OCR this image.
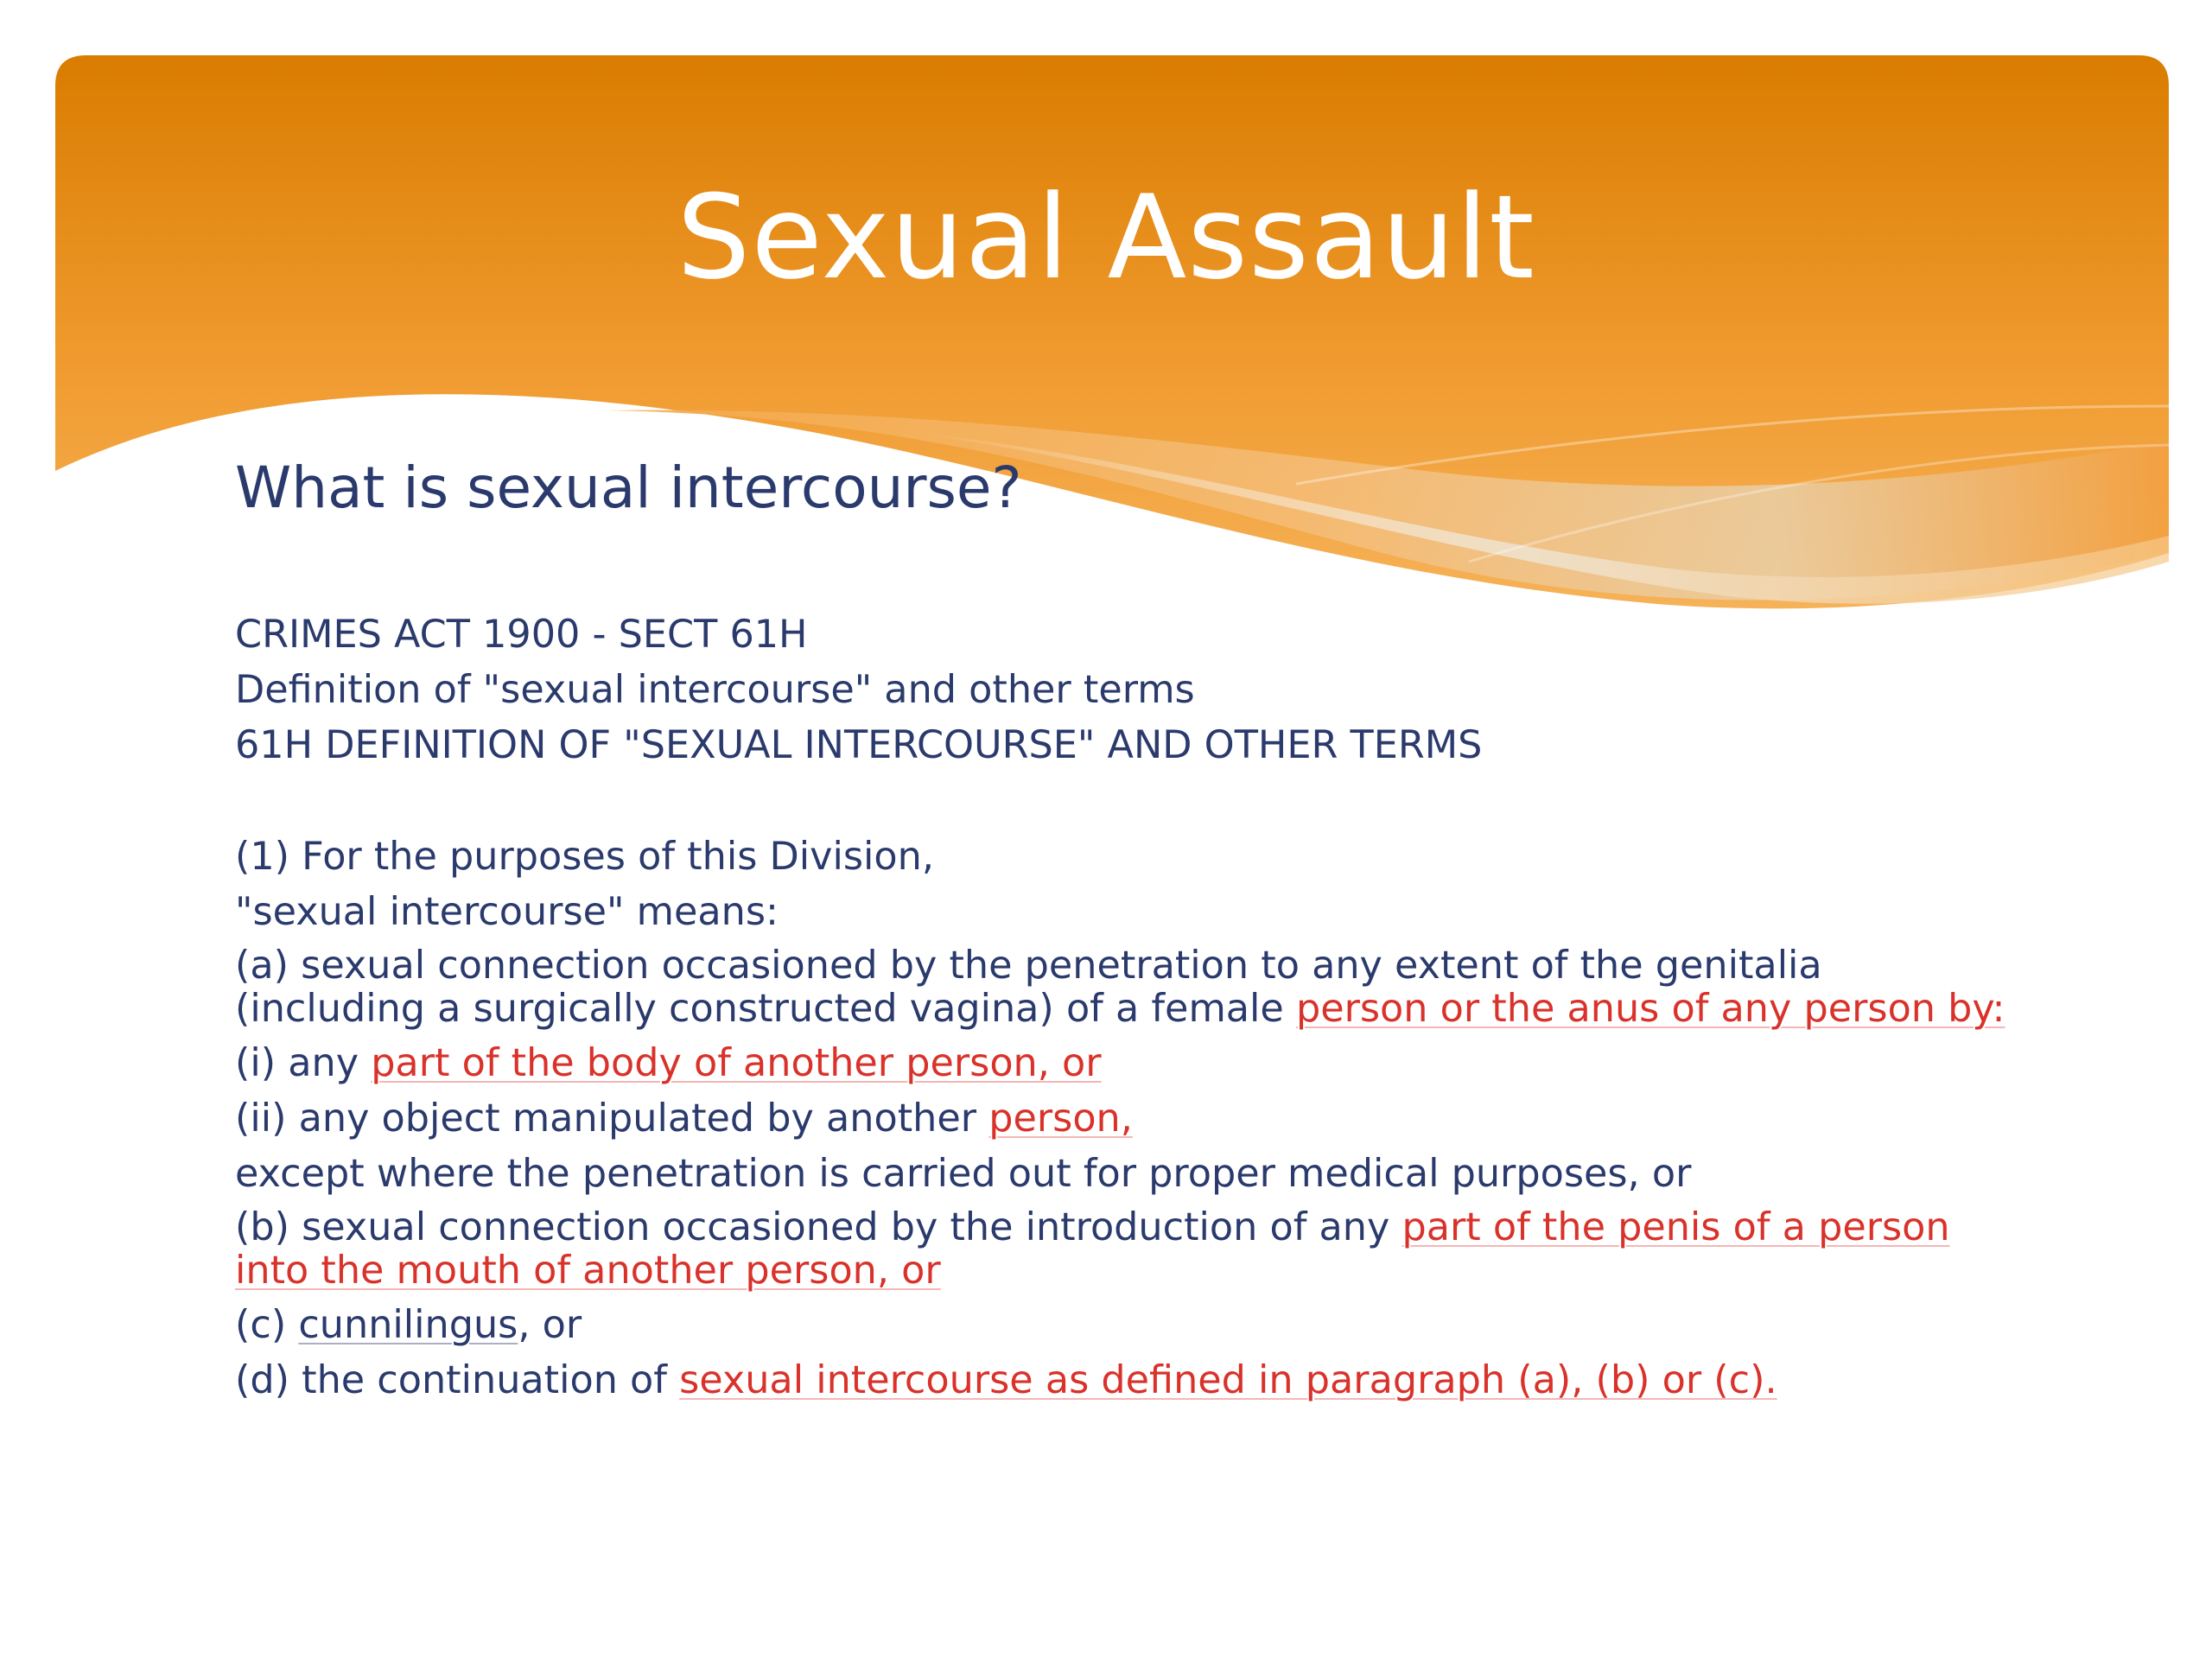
Sexual Assault
What is sexual intercourse?

CRIMES ACT 1900 - SECT 61H

Definition of "sexual intercourse" and other terms

61H DEFINITION OF "SEXUAL INTERCOURSE" AND OTHER TERMS

(1) For the purposes of this Division,

"sexual intercourse" means:

(a) sexual connection occasioned by the penetration to any extent of the genitalia (including a surgically constructed vagina) of a female person or the anus of any person by:

(i) any part of the body of another person, or

(ii) any object manipulated by another person,

except where the penetration is carried out for proper medical purposes, or

(b) sexual connection occasioned by the introduction of any part of the penis of a person into the mouth of another person, or

(c) cunnilingus, or

(d) the continuation of sexual intercourse as defined in paragraph (a), (b) or (c).
